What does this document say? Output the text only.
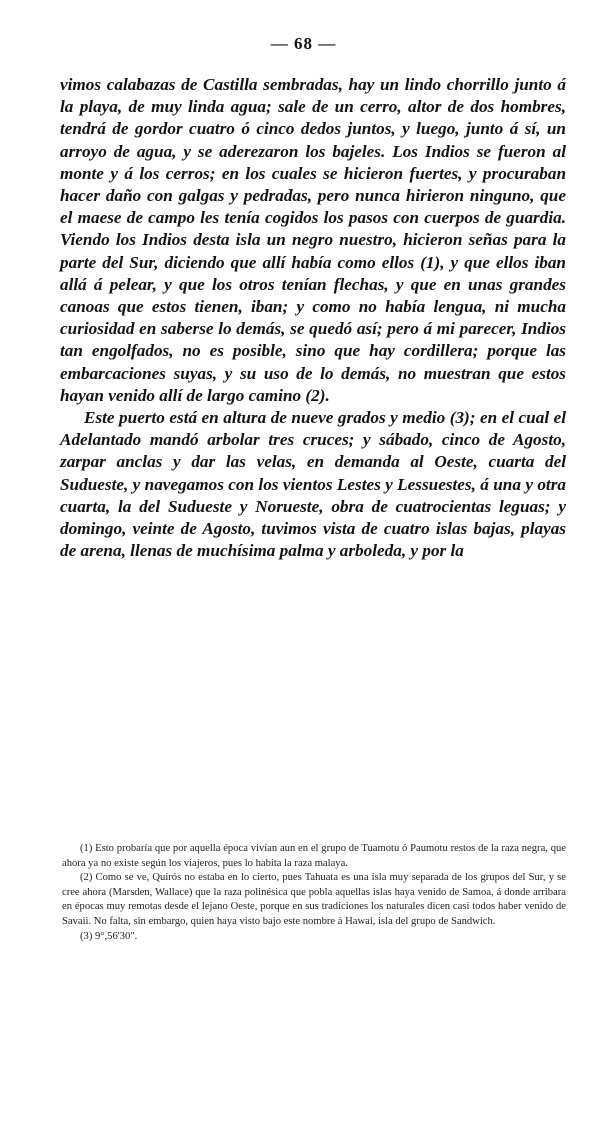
— 68 —

vimos calabazas de Castilla sembradas, hay un lindo chorrillo junto á la playa, de muy linda agua; sale de un cerro, altor de dos hombres, tendrá de gordor cuatro ó cinco dedos juntos, y luego, junto á sí, un arroyo de agua, y se aderezaron los bajeles. Los Indios se fueron al monte y á los cerros; en los cuales se hicieron fuertes, y procuraban hacer daño con galgas y pedradas, pero nunca hirieron ninguno, que el maese de campo les tenía cogidos los pasos con cuerpos de guardia. Viendo los Indios desta isla un negro nuestro, hicieron señas para la parte del Sur, diciendo que allí había como ellos (1), y que ellos iban allá á pelear, y que los otros tenían flechas, y que en unas grandes canoas que estos tienen, iban; y como no había lengua, ni mucha curiosidad en saberse lo demás, se quedó así; pero á mi parecer, Indios tan engolfados, no es posible, sino que hay cordillera; porque las embarcaciones suyas, y su uso de lo demás, no muestran que estos hayan venido allí de largo camino (2).

Este puerto está en altura de nueve grados y medio (3); en el cual el Adelantado mandó arbolar tres cruces; y sábado, cinco de Agosto, zarpar anclas y dar las velas, en demanda al Oeste, cuarta del Sudueste, y navegamos con los vientos Lestes y Lessuestes, á una y otra cuarta, la del Sudueste y Norueste, obra de cuatrocientas leguas; y domingo, veinte de Agosto, tuvimos vista de cuatro islas bajas, playas de arena, llenas de muchísima palma y arboleda, y por la

(1) Esto probaría que por aquella época vivían aun en el grupo de Tuamotu ó Paumotu restos de la raza negra, que ahora ya no existe según los viajeros, pues lo habita la raza malaya.

(2) Como se ve, Quirós no estaba en lo cierto, pues Tahuata es una isla muy separada de los grupos del Sur, y se cree ahora (Marsden, Wallace) que la raza polinésica que pobla aquellas islas haya venido de Samoa, á donde arribara en épocas muy remotas desde el lejano Oeste, porque en sus tradiciones los naturales dicen casi todos haber venido de Savaii. No falta, sin embargo, quien haya visto bajo este nombre á Hawai, isla del grupo de Sandwich.

(3) 9°,56'30".
